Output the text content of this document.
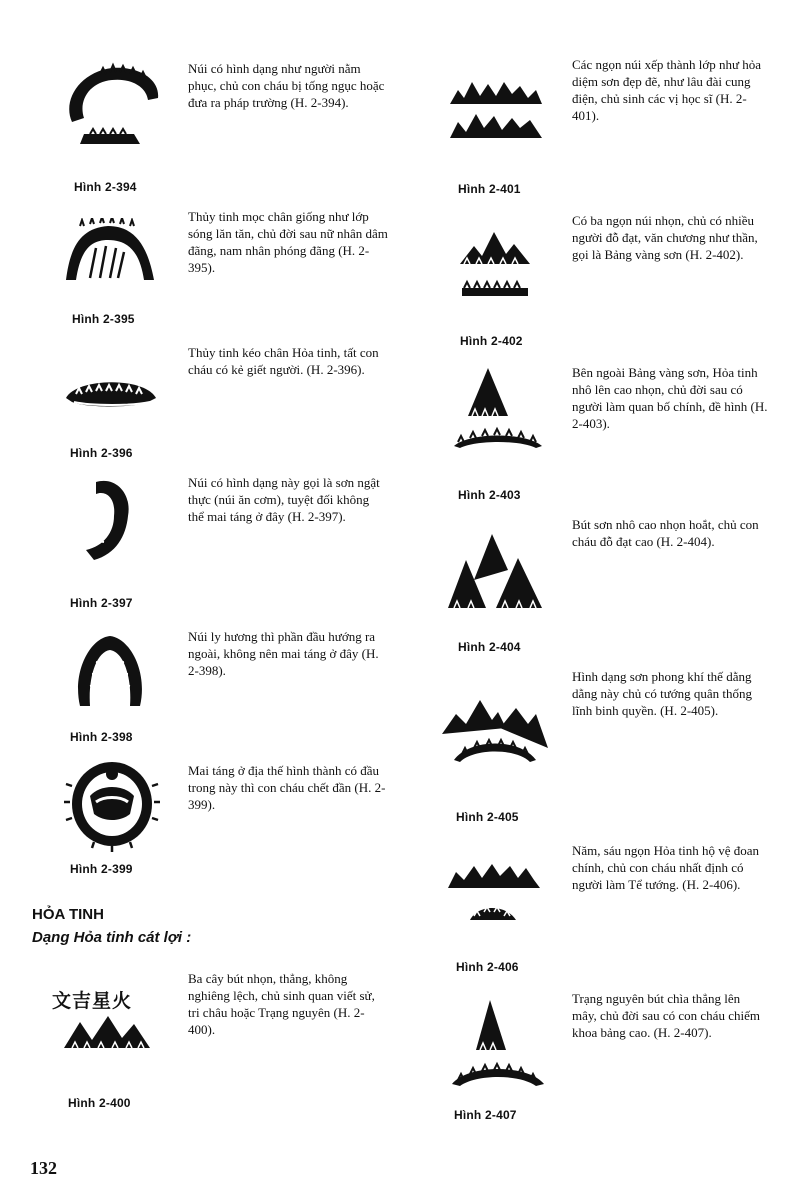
Hình 2-394
Núi có hình dạng như người nằm phục, chủ con cháu bị tống ngục hoặc đưa ra pháp trường (H. 2-394).
Hình 2-395
Thủy tinh mọc chân giống như lớp sóng lăn tăn, chủ đời sau nữ nhân dâm đãng, nam nhân phóng đãng (H. 2-395).
Hình 2-396
Thủy tinh kéo chân Hỏa tinh, tất con cháu có kẻ giết người. (H. 2-396).
Hình 2-397
Núi có hình dạng này gọi là sơn ngật thực (núi ăn cơm), tuyệt đối không thể mai táng ở đây (H. 2-397).
Hình 2-398
Núi ly hương thì phần đầu hướng ra ngoài, không nên mai táng ở đây (H. 2-398).
Hình 2-399
Mai táng ở địa thế hình thành có đầu trong này thì con cháu chết đần (H. 2-399).
HỎA TINH
Dạng Hỏa tinh cát lợi :
文吉星火
Hình 2-400
Ba cây bút nhọn, thẳng, không nghiêng lệch, chủ sinh quan viết sử, tri châu hoặc Trạng nguyên (H. 2-400).
Hình 2-401
Các ngọn núi xếp thành lớp như hỏa diệm sơn đẹp đẽ, như lâu đài cung điện, chủ sinh các vị học sĩ (H. 2-401).
Hình 2-402
Có ba ngọn núi nhọn, chủ có nhiều người đỗ đạt, văn chương như thần, gọi là Bảng vàng sơn (H. 2-402).
Hình 2-403
Bên ngoài Bảng vàng sơn, Hỏa tinh nhô lên cao nhọn, chủ đời sau có người làm quan bố chính, đề hình (H. 2-403).
Hình 2-404
Bút sơn nhô cao nhọn hoắt, chủ con cháu đỗ đạt cao (H. 2-404).
Hình 2-405
Hình dạng sơn phong khí thế dằng dằng này chủ có tướng quân thống lĩnh binh quyền. (H. 2-405).
Hình 2-406
Năm, sáu ngọn Hỏa tinh hộ vệ đoan chính, chủ con cháu nhất định có người làm Tể tướng. (H. 2-406).
Hình 2-407
Trạng nguyên bút chìa thẳng lên mây, chủ đời sau có con cháu chiếm khoa bảng cao. (H. 2-407).
132
